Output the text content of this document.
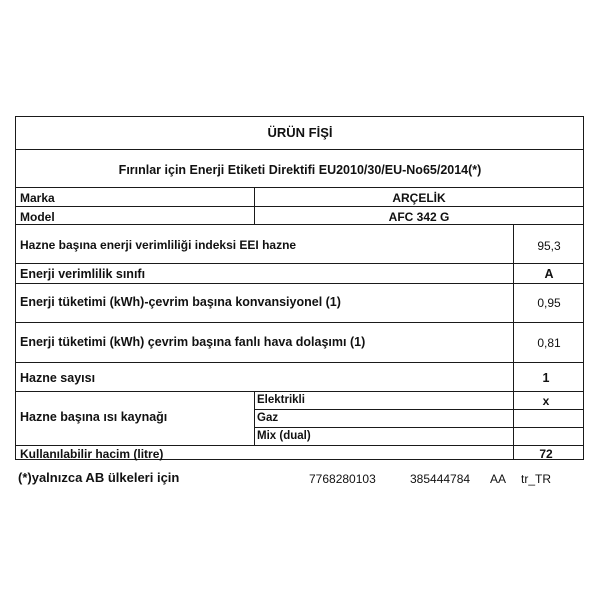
ÜRÜN FİŞİ
Fırınlar için Enerji Etiketi Direktifi EU2010/30/EU-No65/2014(*)
Marka	ARÇELİK
Model	AFC 342 G
Hazne başına enerji verimliliği indeksi EEI hazne	95,3
Enerji verimlilik sınıfı	A
Enerji tüketimi (kWh)-çevrim başına konvansiyonel (1)	0,95
Enerji tüketimi (kWh) çevrim başına fanlı hava dolaşımı (1)	0,81
Hazne sayısı	1
Hazne başına ısı kaynağı
Elektrikli	x
Gaz
Mix (dual)
Kullanılabilir hacim (litre)	72
(*)yalnızca AB ülkeleri için	7768280103	385444784 AA tr_TR
